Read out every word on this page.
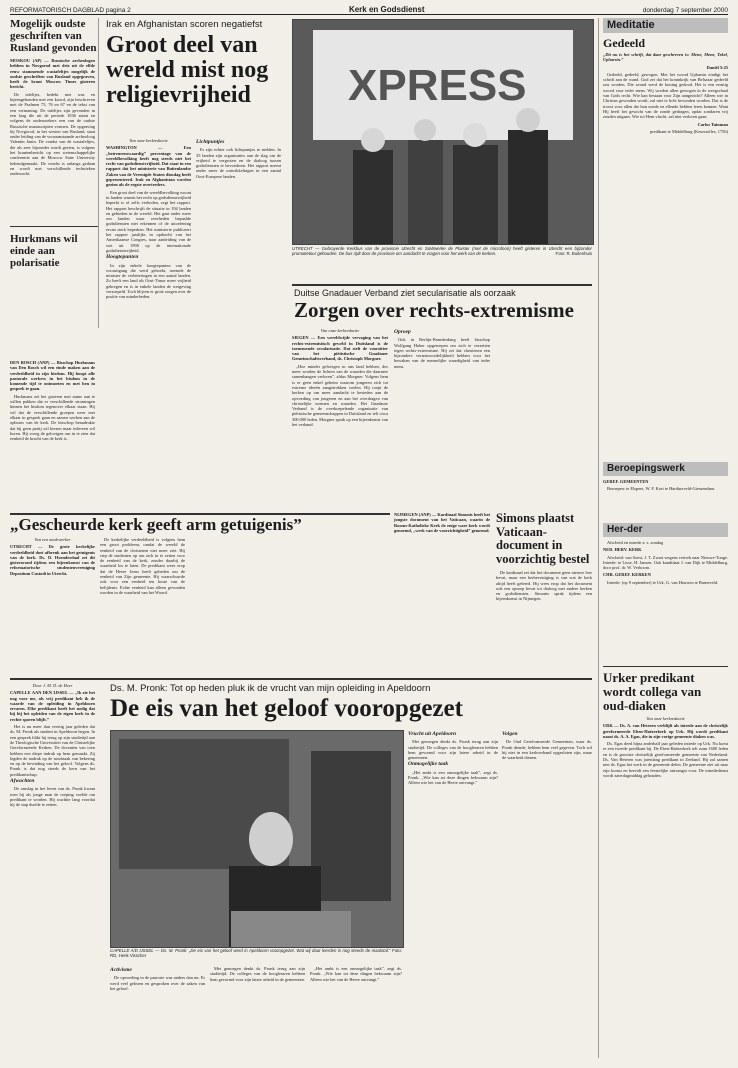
REFORMATORISCH DAGBLAD pagina 2	Kerk en Godsdienst	donderdag 7 september 2000
Mogelijk oudste geschriften van Rusland gevonden

MOSKOU (AP) — Russische archeologen hebben in Novgorod met drie uit de elfde eeuw stammende wastafeltjes mogelijk de oudste geschriften van Rusland opgegraven, heeft de krant Moscow Times gisteren bericht.

De tafeltjes, bedekt met was en bijeengebonden met een koord, zijn beschreven met de Psalmen 75, 76 en 67 en de tekst van een vermaning. De tafeltjes zijn gevonden in een laag die uit de periode 1036 stamt en volgens de onderzoekers een van de oudste Russische manuscripten vormen. De opgraving bij Novgorod, in het westen van Rusland, staat onder leiding van de vooraanstaande archeoloog Valentin Janin. De vondst van de wastafeltjes, die als zeer bijzonder wordt gezien, is volgens het krantenbericht op een wetenschappelijke conferentie aan de Moscow State University bekendgemaakt. De vondst is onlangs gedaan en wordt met verschillende technieken onderzocht.

Hurkmans wil einde aan polarisatie

DEN BOSCH (ANP) — Bisschop Hurkmans van Den Bosch wil een einde maken aan de verdeeldheid in zijn bisdom. Hij hoopt alle pastorale werkers in het bisdom in de komende tijd te ontmoeten en met hen in gesprek te gaan.

Hurkmans zei het gisteren met name aan te willen pakken dat er verschillende stromingen binnen het bisdom tegenover elkaar staan. Hij wil dat de verschillende groepen weer met elkaar in gesprek gaan en samen werken aan de opbouw van de kerk. De bisschop benadrukte dat hij geen partij wil kiezen maar iedereen wil horen. Hij vroeg de gelovigen om in te zien dat eenheid de kracht van de kerk is.

Irak en Afghanistan scoren negatiefst
Groot deel van wereld mist nog religievrijheid

Van onze kerkredactie

WASHINGTON	— Een „betreurenswaardig” percentage van de wereldbevolking heeft nog steeds niet het recht van godsdienstvrijheid. Dat staat in een rapport dat het ministerie van Buitenlandse Zaken van de Verenigde Staten dinsdag heeft gepresenteerd. Irak en Afghanistan worden gezien als de ergste overtreders.

Een groot deel van de wereldbevolking woont in landen waarin het recht op godsdienstvrijheid beperkt is of zelfs verboden, zegt het rapport. Het rapport beschrijft de situatie in 194 landen en gebieden in de wereld. Het gaat onder meer om landen waar overheden bepaalde godsdiensten niet erkennen of de uitoefening ervan sterk beperken. Het ministerie publiceert het rapport jaarlijks in opdracht van het Amerikaanse Congres, naar aanleiding van de wet uit 1998 op de internationale godsdienstvrijheid.

Hoogtepunten

In zijn enkele hoogtepunten van de vooruitgang die werd geboekt, noemde de minister de verbeteringen in een aantal landen. Zo heeft een land als Oost-Timor meer vrijheid gekregen en is in enkele landen de wetgeving versoepeld. Toch blijven er grote zorgen over de positie van minderheden.

Lichtpuntjes

Er zijn echter ook lichtpuntjes te melden. In 35 landen zijn organisaties aan de slag om de vrijheid te vergroten en de dialoog tussen godsdiensten te bevorderen. Het rapport noemt onder meer de ontwikkelingen in een aantal Oost-Europese landen.

XPRESS
UTRECHT — Gebrayerde Kerkbus van de provincie Utrecht en SoWwerke de Plaister (met de microfoon) heeft gisteren in Utrecht een bijzonder promotietour gehouden. De bus rijdt door de provincie om aandacht te vragen voor het werk van de kerken.	Foto: R. Buitenhuis
Duitse Gnadauer Verband ziet secularisatie als oorzaak
Zorgen over rechts-extremisme

Van onze kerkredactie

SIEGEN — Een wereldwijde vervaging van het rechts-extremistisch geweld in Duitsland is de toenemende secularisatie. Dat stelt de voorzitter van het piëtistische Gnadauer Gemeinschaftsverband, ds. Christoph Morgner.

„Hoe minder gelovigen in ons land hebben, des meer worden de lichten van de waarden die daarmee samenhangen verloren”, aldus Morgner. Volgens hem is er geen enkel geheim waarom jongeren zich tot extreme ideeën aangetrokken voelen. Hij roept de kerken op om meer aandacht te besteden aan de opvoeding van jongeren en aan het overdragen van christelijke normen en waarden. Het Gnadauer Verband is de overkoepelende organisatie van piëtistische gemeenschappen in Duitsland en telt circa 300.000 leden. Morgner sprak op een bijeenkomst van het verband.

Oproep

Ook in Berlijn-Brandenburg heeft bisschop Wolfgang Huber opgeroepen om zich te verzetten tegen rechts-extremisme. Hij zei dat christenen een bijzondere verantwoordelijkheid hebben voor het bewaken van de menselijke waardigheid van ieder mens.

Simons plaatst Vaticaan-document in voorzichtig bestel

NIJMEGEN (ANP) — Kardinaal Simonis heeft het jongste document van het Vaticaan, waarin de Rooms-Katholieke Kerk de enige ware kerk wordt genoemd, „werk van de voorzichtigheid” genoemd.

De kardinaal zei dat het document geen nieuwe leer bevat, maar een herbevestiging is van wat de kerk altijd heeft geleerd. Hij wees erop dat het document ook een oproep bevat tot dialoog met andere kerken en godsdiensten. Simonis sprak tijdens een bijeenkomst in Nijmegen.

„Gescheurde kerk geeft arm getuigenis”

Van een medewerker

UTRECHT — De grote kerkelijke verdeeldheid doet afbreuk aan het getuigenis van de kerk. Ds. D. Hoenderdaal zei dit gisteravond tijdens een bijeenkomst van de reformatorische studentenvereniging Depositum Custodi in Utrecht.

De kerkelijke verdeeldheid is volgens hem een groot probleem, omdat de wereld de eenheid van de christenen niet meer ziet. Hij riep de studenten op om zich in te zetten voor de eenheid van de kerk, zonder daarbij de waarheid los te laten. De predikant wees erop dat de Heere Jezus heeft gebeden om de eenheid van Zijn gemeente. Hij waarschuwde ook voor een eenheid ten koste van de belijdenis. Echte eenheid kan alleen gevonden worden in de waarheid van het Woord.

Door J. M. D. de Heer

CAPELLE AAN DEN IJSSEL — „Ik zie het nog voor me, als vrij predikant heb ik de waarde van de opleiding in Apeldoorn ervaren. Elke predikant heeft het nodig dat hij bij het opleiden van de eigen kerk in de rechte sporen blijft.”

Het is nu meer dan veertig jaar geleden dat ds. M. Pronk als student in Apeldoorn begon. In een gesprek blikt hij terug op zijn studietijd aan de Theologische Universiteit van de Christelijke Gereformeerde Kerken. De docenten van toen hebben een diepe indruk op hem gemaakt. Zij legden de nadruk op de noodzaak van bekering en op de bevinding van het geloof. Volgens ds. Pronk is dat nog steeds de kern van het predikantschap.

Afwachten

De omslag in het leven van ds. Pronk kwam toen hij als jonge man de roeping voelde om predikant te worden. Hij wachtte lang voordat hij de stap durfde te zetten.

Ds. M. Pronk: Tot op heden pluk ik de vrucht van mijn opleiding in Apeldoorn
De eis van het geloof vooropgezet
CAPELLE A/D IJSSEL — Ds. M. Pronk: „De eis van het geloof werd in Apeldoorn vooropgezet. Wat wij daar leerden is nog steeds de maatstaf.” Foto: RD, Henk Visscher

Activisme

De opvoeding in de pastorie was anders dan nu. Er werd veel gelezen en gesproken over de zaken van het geloof.

Met genoegen denkt ds. Pronk terug aan zijn studietijd. De colleges van de hoogleraren hebben hem gevormd voor zijn latere arbeid in de gemeenten.

„Het ambt is een onmogelijke taak”, zegt ds. Pronk. „Wie kan tot deze dingen bekwaam zijn? Alleen wie het van de Heere ontvangt.”

Vrucht uit Apeldoorn

Met genoegen denkt ds. Pronk terug aan zijn studietijd. De colleges van de hoogleraren hebben hem gevormd voor zijn latere arbeid in de gemeenten.

Onmogelijke taak

„Het ambt is een onmogelijke taak”, zegt ds. Pronk. „Wie kan tot deze dingen bekwaam zijn? Alleen wie het van de Heere ontvangt.”

Volgen

De Oud Gereformeerde Gemeenten, waar ds. Pronk diende, hebben hem veel gegeven. Toch wil hij niet in een kerkverband opgesloten zijn, maar de waarheid dienen.

Meditatie
Gedeeld

„Dit nu is het schrift, dat daar geschreven is: Mene, Mene, Tekel, Upharsin.”

Daniël 5:25

Gedeeld, gedeeld, gewogen. Met het woord Upharsin eindigt het schrift aan de wand. God zei dat het koninkrijk van Belsazar gedeeld zou worden. Die avond werd de koning gedood. Het is een ernstig woord voor ieder mens. Wij worden allen gewogen in de weegschaal van Gods recht. Wie kan bestaan voor Zijn aangezicht? Alleen wie in Christus gevonden wordt, zal niet te licht bevonden worden. Dat is de troost voor allen die hun zonde en ellende hebben leren kennen. Want Hij heeft het gewicht van de zonde gedragen, opdat zondaren vrij zouden uitgaan. Wie tot Hem vlucht, zal niet verloren gaan.

Carlos Tuinman

predikant te Middelburg (Keurstoffes, 1756)

Beroepingswerk

GEREF. GEMEENTEN

Beroepen: te Elspeet, W. F. Kort te Hardinxveld-Giessendam.

Her-der

Afscheid en intrede a. s. zondag

NED. HERV. KERK

Afscheid: van Soest, J. T. Zwart wegens vertrek naar Nieuwe-Tonge. Intrede: te Lisse, H. Jansen. Ook kandidaat J. van Dijk te Middelburg, door prof. dr. W. Verboom.

CHR. GEREF. KERKEN

Intrede: (op 9 september) te Urk, G. van Houwen te Barneveld.

Urker predikant wordt collega van oud-diaken

Van onze kerkredactie

URK — Ds. A. van Heteren verblijft als intrede aan de christelijk gereformeerde Eben-Haëzerkerk op Urk. Hij wordt predikant naast ds. A. A. Egas, die in zijn vorige gemeente diaken was.

Ds. Egas deed bijna anderhalf jaar geleden intrede op Urk. Nu komt er een tweede predikant bij. De Eben-Haëzerkerk telt ruim 1600 leden en is de grootste christelijk gereformeerde gemeente van Nederland. Ds. Van Heteren was jarenlang predikant in Zeeland. Hij zal samen met ds. Egas het werk in de gemeente delen. De gemeente ziet uit naar zijn komst en bereidt een feestelijke ontvangst voor. De intrededienst wordt zaterdagmiddag gehouden.
